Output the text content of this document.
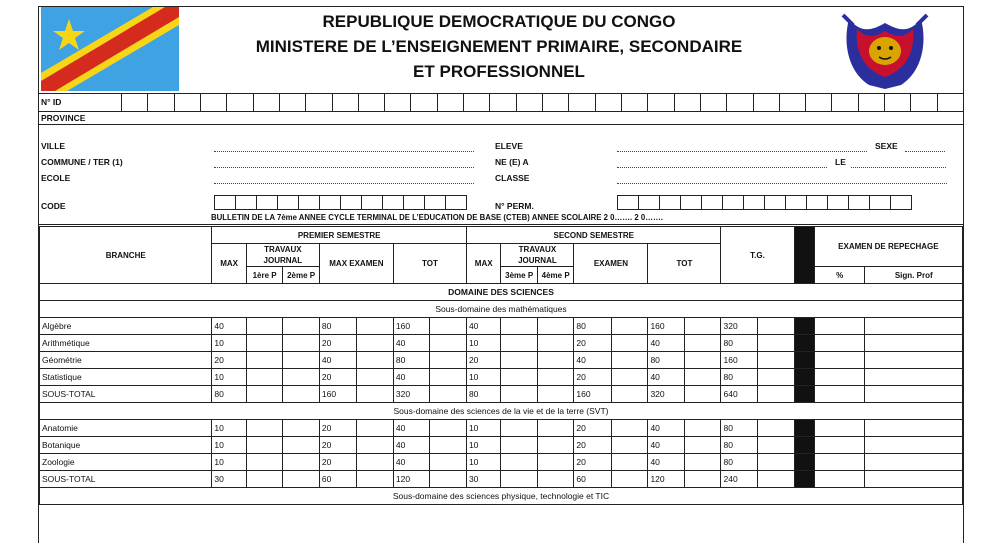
REPUBLIQUE DEMOCRATIQUE DU CONGO
MINISTERE DE L’ENSEIGNEMENT PRIMAIRE, SECONDAIRE
ET PROFESSIONNEL
N° ID
PROVINCE
VILLE
COMMUNE / TER (1)
ECOLE
CODE
ELEVE
NE (E) A
CLASSE
N° PERM.
SEXE
LE
BULLETIN DE LA 7ème ANNEE CYCLE TERMINAL DE L’EDUCATION DE BASE (CTEB) ANNEE SCOLAIRE 2 0……. 2 0…….
BRANCHE	PREMIER SEMESTRE							SECOND SEMESTRE							T.G.			EXAMEN DE REPECHAGE	
	MAX	TRAVAUX JOURNAL		MAX EXAMEN		TOT		MAX	TRAVAUX JOURNAL		EXAMEN		TOT						
		1ère P	2ème P						3ème P	4ème P								%	Sign. Prof
DOMAINE DES SCIENCES																			
Sous-domaine des mathématiques																			
Algèbre	40			80		160		40			80		160		320				
Arithmétique	10			20		40		10			20		40		80				
Géométrie	20			40		80		20			40		80		160				
Statistique	10			20		40		10			20		40		80				
SOUS-TOTAL	80			160		320		80			160		320		640				
Sous-domaine des sciences de la vie et de la terre (SVT)																			
Anatomie	10			20		40		10			20		40		80				
Botanique	10			20		40		10			20		40		80				
Zoologie	10			20		40		10			20		40		80				
SOUS-TOTAL	30			60		120		30			60		120		240				
Sous-domaine des sciences physique, technologie et TIC																			
